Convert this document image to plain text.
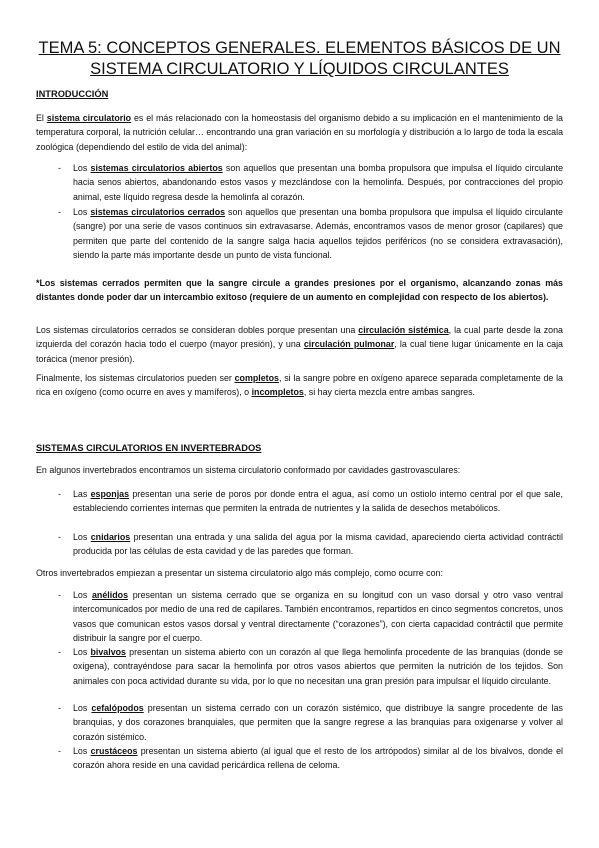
TEMA 5: CONCEPTOS GENERALES. ELEMENTOS BÁSICOS DE UN SISTEMA CIRCULATORIO Y LÍQUIDOS CIRCULANTES
INTRODUCCIÓN
El sistema circulatorio es el más relacionado con la homeostasis del organismo debido a su implicación en el mantenimiento de la temperatura corporal, la nutrición celular… encontrando una gran variación en su morfología y distribución a lo largo de toda la escala zoológica (dependiendo del estilo de vida del animal):
- Los sistemas circulatorios abiertos son aquellos que presentan una bomba propulsora que impulsa el líquido circulante hacia senos abiertos, abandonando estos vasos y mezclándose con la hemolinfa. Después, por contracciones del propio animal, este líquido regresa desde la hemolinfa al corazón.
- Los sistemas circulatorios cerrados son aquellos que presentan una bomba propulsora que impulsa el líquido circulante (sangre) por una serie de vasos continuos sin extravasarse. Además, encontramos vasos de menor grosor (capilares) que permiten que parte del contenido de la sangre salga hacia aquellos tejidos periféricos (no se considera extravasación), siendo la parte más importante desde un punto de vista funcional.
*Los sistemas cerrados permiten que la sangre circule a grandes presiones por el organismo, alcanzando zonas más distantes donde poder dar un intercambio exitoso (requiere de un aumento en complejidad con respecto de los abiertos).
Los sistemas circulatorios cerrados se consideran dobles porque presentan una circulación sistémica, la cual parte desde la zona izquierda del corazón hacia todo el cuerpo (mayor presión), y una circulación pulmonar, la cual tiene lugar únicamente en la caja torácica (menor presión).
Finalmente, los sistemas circulatorios pueden ser completos, si la sangre pobre en oxígeno aparece separada completamente de la rica en oxígeno (como ocurre en aves y mamíferos), o incompletos, si hay cierta mezcla entre ambas sangres.
SISTEMAS CIRCULATORIOS EN INVERTEBRADOS
En algunos invertebrados encontramos un sistema circulatorio conformado por cavidades gastrovasculares:
- Las esponjas presentan una serie de poros por donde entra el agua, así como un ostiolo interno central por el que sale, estableciendo corrientes internas que permiten la entrada de nutrientes y la salida de desechos metabólicos.
- Los cnidarios presentan una entrada y una salida del agua por la misma cavidad, apareciendo cierta actividad contráctil producida por las células de esta cavidad y de las paredes que forman.
Otros invertebrados empiezan a presentar un sistema circulatorio algo más complejo, como ocurre con:
- Los anélidos presentan un sistema cerrado que se organiza en su longitud con un vaso dorsal y otro vaso ventral intercomunicados por medio de una red de capilares. También encontramos, repartidos en cinco segmentos concretos, unos vasos que comunican estos vasos dorsal y ventral directamente (“corazones”), con cierta capacidad contráctil que permite distribuir la sangre por el cuerpo.
- Los bivalvos presentan un sistema abierto con un corazón al que llega hemolinfa procedente de las branquias (donde se oxigena), contrayéndose para sacar la hemolinfa por otros vasos abiertos que permiten la nutrición de los tejidos. Son animales con poca actividad durante su vida, por lo que no necesitan una gran presión para impulsar el líquido circulante.
- Los cefalópodos presentan un sistema cerrado con un corazón sistémico, que distribuye la sangre procedente de las branquias, y dos corazones branquiales, que permiten que la sangre regrese a las branquias para oxigenarse y volver al corazón sistémico.
- Los crustáceos presentan un sistema abierto (al igual que el resto de los artrópodos) similar al de los bivalvos, donde el corazón ahora reside en una cavidad pericárdica rellena de celoma.
